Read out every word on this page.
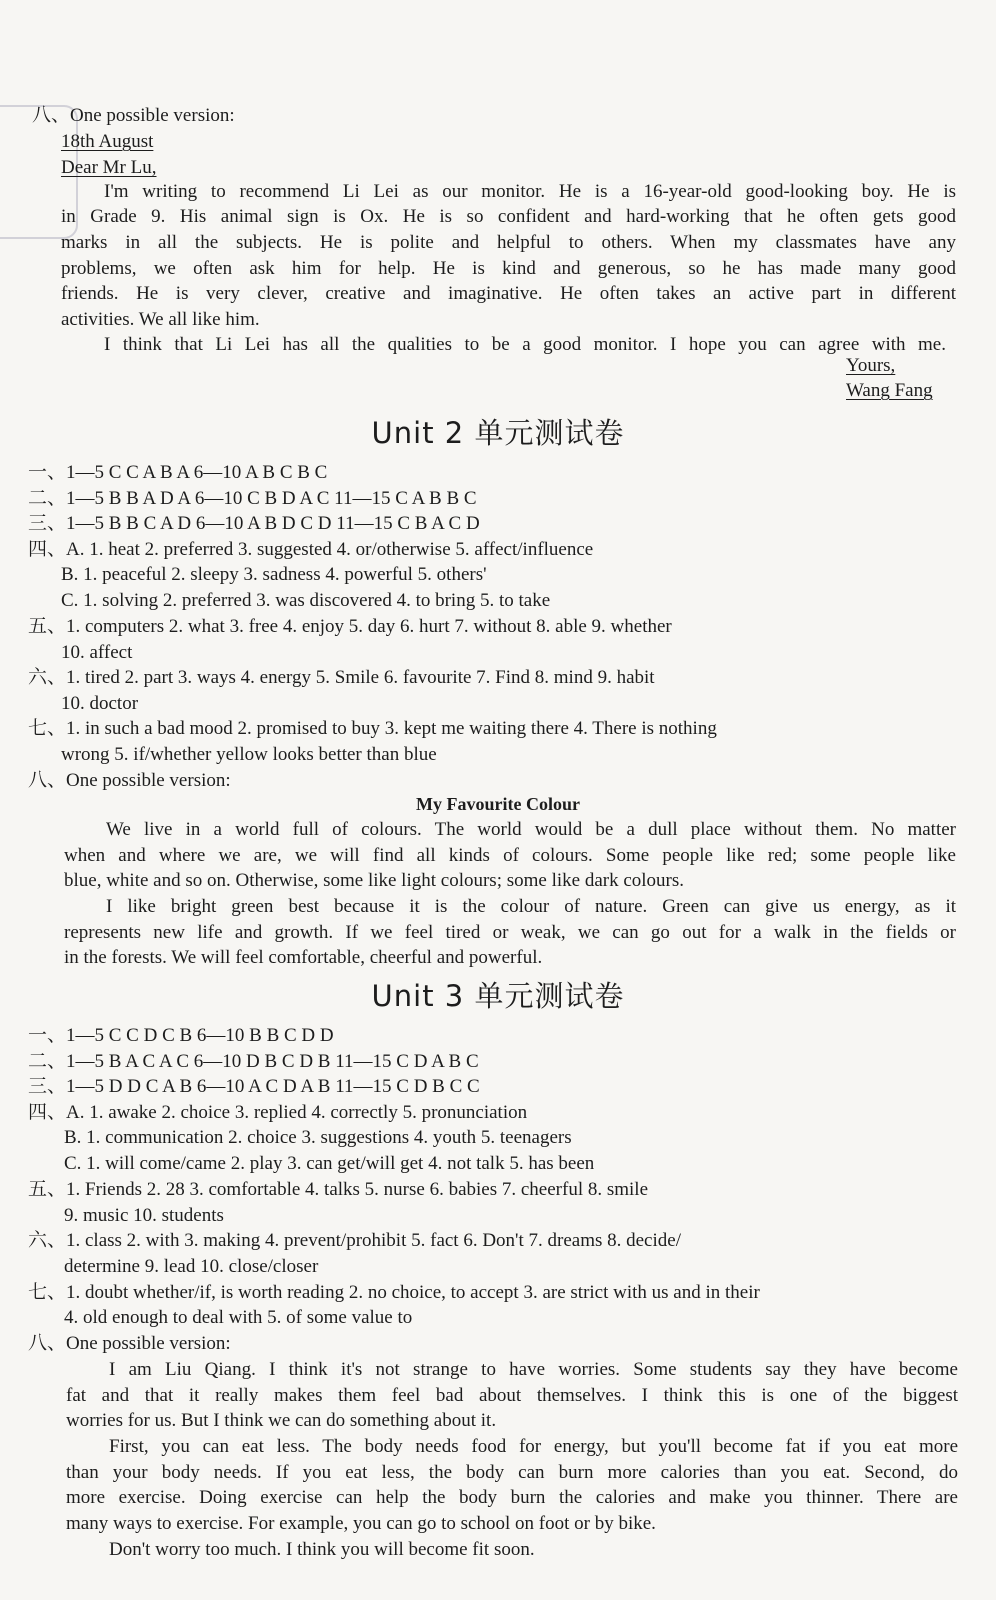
八、One possible version:
18th August
Dear Mr Lu,
I'm writing to recommend Li Lei as our monitor. He is a 16-year-old good-looking boy. He is
in Grade 9. His animal sign is Ox. He is so confident and hard-working that he often gets good
marks in all the subjects. He is polite and helpful to others. When my classmates have any
problems, we often ask him for help. He is kind and generous, so he has made many good
friends. He is very clever, creative and imaginative. He often takes an active part in different
activities. We all like him.
I think that Li Lei has all the qualities to be a good monitor. I hope you can agree with me.
Yours,
Wang Fang
Unit 2 单元测试卷
一、1—5 C C A B A 6—10 A B C B C
二、1—5 B B A D A 6—10 C B D A C 11—15 C A B B C
三、1—5 B B C A D 6—10 A B D C D 11—15 C B A C D
四、A. 1. heat 2. preferred 3. suggested 4. or/otherwise 5. affect/influence
B. 1. peaceful 2. sleepy 3. sadness 4. powerful 5. others'
C. 1. solving 2. preferred 3. was discovered 4. to bring 5. to take
五、1. computers 2. what 3. free 4. enjoy 5. day 6. hurt 7. without 8. able 9. whether
10. affect
六、1. tired 2. part 3. ways 4. energy 5. Smile 6. favourite 7. Find 8. mind 9. habit
10. doctor
七、1. in such a bad mood 2. promised to buy 3. kept me waiting there 4. There is nothing
wrong 5. if/whether yellow looks better than blue
八、One possible version:
My Favourite Colour
We live in a world full of colours. The world would be a dull place without them. No matter
when and where we are, we will find all kinds of colours. Some people like red; some people like
blue, white and so on. Otherwise, some like light colours; some like dark colours.
I like bright green best because it is the colour of nature. Green can give us energy, as it
represents new life and growth. If we feel tired or weak, we can go out for a walk in the fields or
in the forests. We will feel comfortable, cheerful and powerful.
Unit 3 单元测试卷
一、1—5 C C D C B 6—10 B B C D D
二、1—5 B A C A C 6—10 D B C D B 11—15 C D A B C
三、1—5 D D C A B 6—10 A C D A B 11—15 C D B C C
四、A. 1. awake 2. choice 3. replied 4. correctly 5. pronunciation
B. 1. communication 2. choice 3. suggestions 4. youth 5. teenagers
C. 1. will come/came 2. play 3. can get/will get 4. not talk 5. has been
五、1. Friends 2. 28 3. comfortable 4. talks 5. nurse 6. babies 7. cheerful 8. smile
9. music 10. students
六、1. class 2. with 3. making 4. prevent/prohibit 5. fact 6. Don't 7. dreams 8. decide/
determine 9. lead 10. close/closer
七、1. doubt whether/if, is worth reading 2. no choice, to accept 3. are strict with us and in their
4. old enough to deal with 5. of some value to
八、One possible version:
I am Liu Qiang. I think it's not strange to have worries. Some students say they have become
fat and that it really makes them feel bad about themselves. I think this is one of the biggest
worries for us. But I think we can do something about it.
First, you can eat less. The body needs food for energy, but you'll become fat if you eat more
than your body needs. If you eat less, the body can burn more calories than you eat. Second, do
more exercise. Doing exercise can help the body burn the calories and make you thinner. There are
many ways to exercise. For example, you can go to school on foot or by bike.
Don't worry too much. I think you will become fit soon.
